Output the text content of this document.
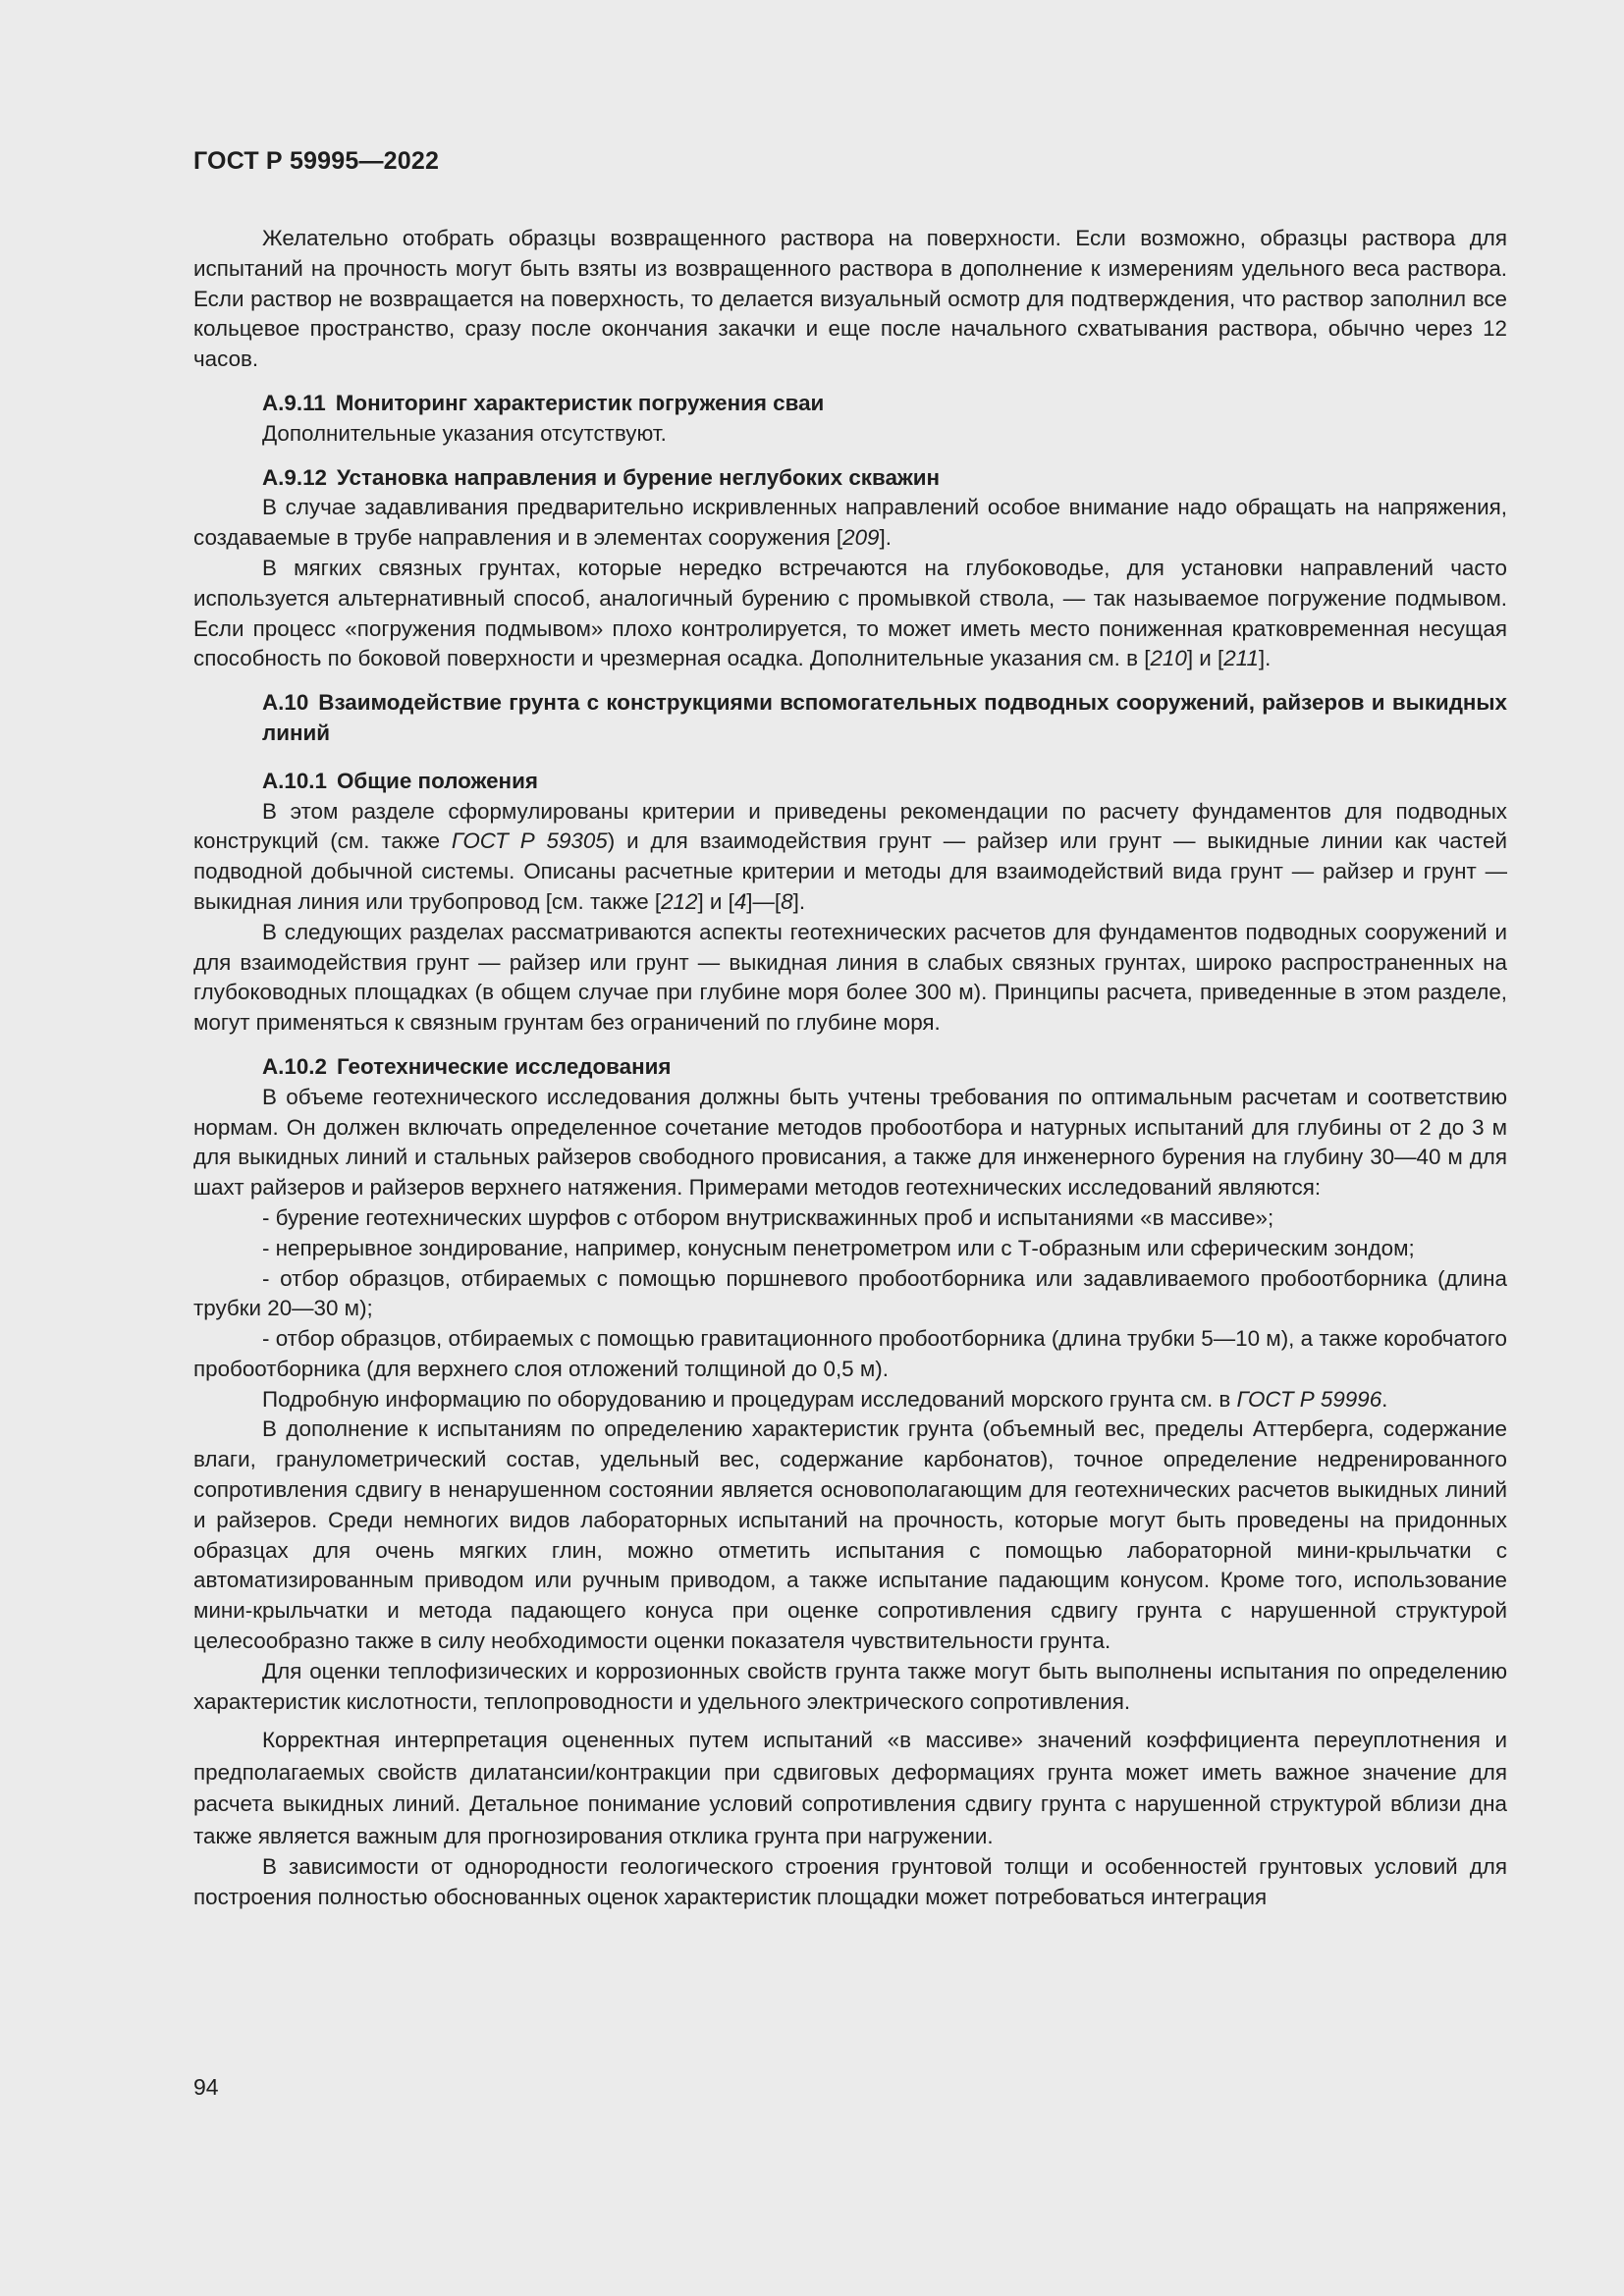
ГОСТ Р 59995—2022

Желательно отобрать образцы возвращенного раствора на поверхности. Если возможно, образцы раствора для испытаний на прочность могут быть взяты из возвращенного раствора в дополнение к измерениям удельного веса раствора. Если раствор не возвращается на поверхность, то делается визуальный осмотр для подтверждения, что раствор заполнил все кольцевое пространство, сразу после окончания закачки и еще после начального схватывания раствора, обычно через 12 часов.

А.9.11 Мониторинг характеристик погружения сваи

Дополнительные указания отсутствуют.

А.9.12 Установка направления и бурение неглубоких скважин

В случае задавливания предварительно искривленных направлений особое внимание надо обращать на напряжения, создаваемые в трубе направления и в элементах сооружения [209].

В мягких связных грунтах, которые нередко встречаются на глубоководье, для установки направлений часто используется альтернативный способ, аналогичный бурению с промывкой ствола, — так называемое погружение подмывом. Если процесс «погружения подмывом» плохо контролируется, то может иметь место пониженная кратковременная несущая способность по боковой поверхности и чрезмерная осадка. Дополнительные указания см. в [210] и [211].

А.10 Взаимодействие грунта с конструкциями вспомогательных подводных сооружений, райзеров и выкидных линий
А.10.1 Общие положения

В этом разделе сформулированы критерии и приведены рекомендации по расчету фундаментов для подводных конструкций (см. также ГОСТ Р 59305) и для взаимодействия грунт — райзер или грунт — выкидные линии как частей подводной добычной системы. Описаны расчетные критерии и методы для взаимодействий вида грунт — райзер и грунт — выкидная линия или трубопровод [см. также [212] и [4]—[8].

В следующих разделах рассматриваются аспекты геотехнических расчетов для фундаментов подводных сооружений и для взаимодействия грунт — райзер или грунт — выкидная линия в слабых связных грунтах, широко распространенных на глубоководных площадках (в общем случае при глубине моря более 300 м). Принципы расчета, приведенные в этом разделе, могут применяться к связным грунтам без ограничений по глубине моря.

А.10.2 Геотехнические исследования

В объеме геотехнического исследования должны быть учтены требования по оптимальным расчетам и соответствию нормам. Он должен включать определенное сочетание методов пробоотбора и натурных испытаний для глубины от 2 до 3 м для выкидных линий и стальных райзеров свободного провисания, а также для инженерного бурения на глубину 30—40 м для шахт райзеров и райзеров верхнего натяжения. Примерами методов геотехнических исследований являются:

- бурение геотехнических шурфов с отбором внутрискважинных проб и испытаниями «в массиве»;

- непрерывное зондирование, например, конусным пенетрометром или с Т-образным или сферическим зондом;

- отбор образцов, отбираемых с помощью поршневого пробоотборника или задавливаемого пробоотборника (длина трубки 20—30 м);

- отбор образцов, отбираемых с помощью гравитационного пробоотборника (длина трубки 5—10 м), а также коробчатого пробоотборника (для верхнего слоя отложений толщиной до 0,5 м).

Подробную информацию по оборудованию и процедурам исследований морского грунта см. в ГОСТ Р 59996.

В дополнение к испытаниям по определению характеристик грунта (объемный вес, пределы Аттерберга, содержание влаги, гранулометрический состав, удельный вес, содержание карбонатов), точное определение недренированного сопротивления сдвигу в ненарушенном состоянии является основополагающим для геотехнических расчетов выкидных линий и райзеров. Среди немногих видов лабораторных испытаний на прочность, которые могут быть проведены на придонных образцах для очень мягких глин, можно отметить испытания с помощью лабораторной мини-крыльчатки с автоматизированным приводом или ручным приводом, а также испытание падающим конусом. Кроме того, использование мини-крыльчатки и метода падающего конуса при оценке сопротивления сдвигу грунта с нарушенной структурой целесообразно также в силу необходимости оценки показателя чувствительности грунта.

Для оценки теплофизических и коррозионных свойств грунта также могут быть выполнены испытания по определению характеристик кислотности, теплопроводности и удельного электрического сопротивления.

Корректная интерпретация оцененных путем испытаний «в массиве» значений коэффициента переуплотнения и предполагаемых свойств дилатансии/контракции при сдвиговых деформациях грунта может иметь важное значение для расчета выкидных линий. Детальное понимание условий сопротивления сдвигу грунта с нарушенной структурой вблизи дна также является важным для прогнозирования отклика грунта при нагружении.

В зависимости от однородности геологического строения грунтовой толщи и особенностей грунтовых условий для построения полностью обоснованных оценок характеристик площадки может потребоваться интеграция

94
